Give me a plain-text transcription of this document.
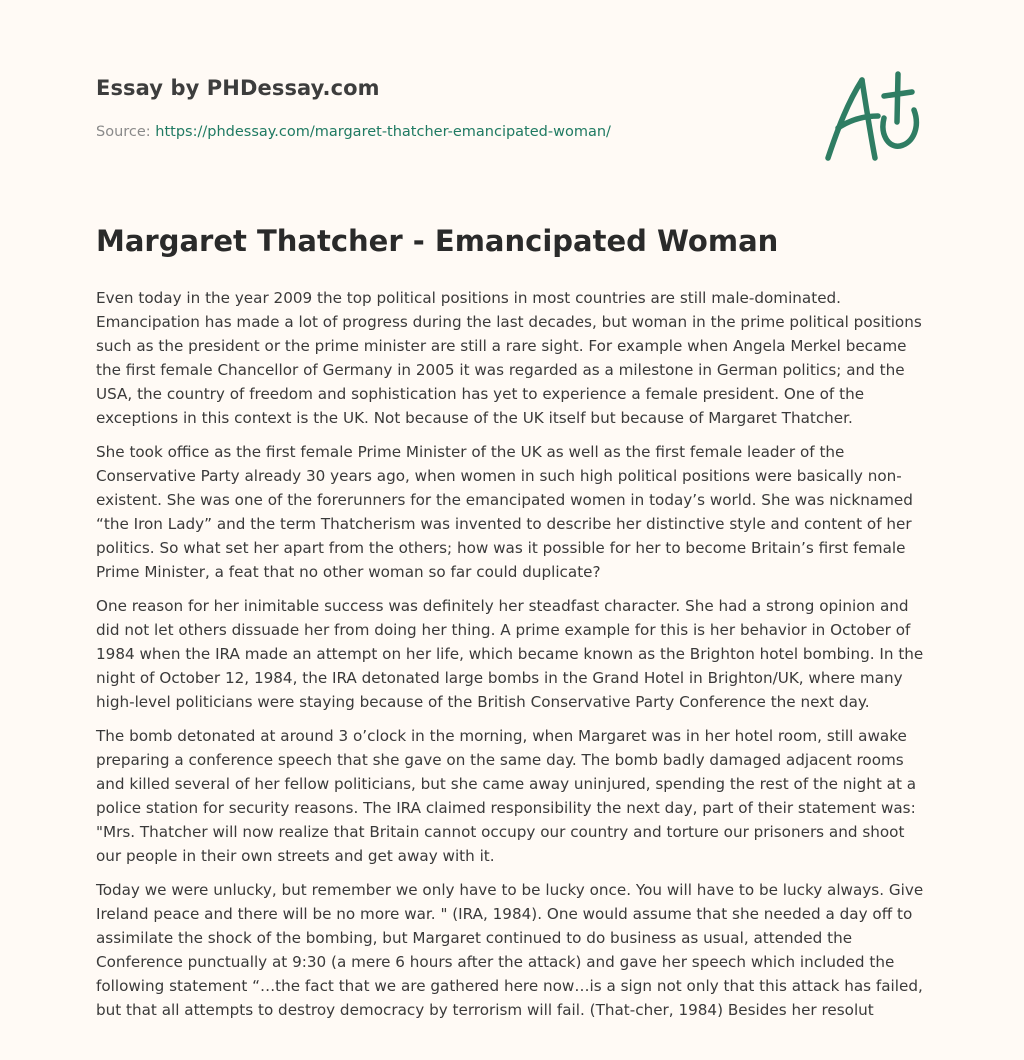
Essay by PHDessay.com
Source: https://phdessay.com/margaret-thatcher-emancipated-woman/
Margaret Thatcher - Emancipated Woman

Even today in the year 2009 the top political positions in most countries are still male-dominated. Emancipation has made a lot of progress during the last decades, but woman in the prime political positions such as the president or the prime minister are still a rare sight. For example when Angela Merkel became the first female Chancellor of Germany in 2005 it was regarded as a milestone in German politics; and the USA, the country of freedom and sophistication has yet to experience a female president. One of the exceptions in this context is the UK. Not because of the UK itself but because of Margaret Thatcher.

She took office as the first female Prime Minister of the UK as well as the first female leader of the Conservative Party already 30 years ago, when women in such high political positions were basically non-existent. She was one of the forerunners for the emancipated women in today’s world. She was nicknamed “the Iron Lady” and the term Thatcherism was invented to describe her distinctive style and content of her politics. So what set her apart from the others; how was it possible for her to become Britain’s first female Prime Minister, a feat that no other woman so far could duplicate?

One reason for her inimitable success was definitely her steadfast character. She had a strong opinion and did not let others dissuade her from doing her thing. A prime example for this is her behavior in October of 1984 when the IRA made an attempt on her life, which became known as the Brighton hotel bombing. In the night of October 12, 1984, the IRA detonated large bombs in the Grand Hotel in Brighton/UK, where many high-level politicians were staying because of the British Conservative Party Conference the next day.

The bomb detonated at around 3 o’clock in the morning, when Margaret was in her hotel room, still awake preparing a conference speech that she gave on the same day. The bomb badly damaged adjacent rooms and killed several of her fellow politicians, but she came away uninjured, spending the rest of the night at a police station for security reasons. The IRA claimed responsibility the next day, part of their statement was: "Mrs. Thatcher will now realize that Britain cannot occupy our country and torture our prisoners and shoot our people in their own streets and get away with it.

Today we were unlucky, but remember we only have to be lucky once. You will have to be lucky always. Give Ireland peace and there will be no more war. " (IRA, 1984). One would assume that she needed a day off to assimilate the shock of the bombing, but Margaret continued to do business as usual, attended the Conference punctually at 9:30 (a mere 6 hours after the attack) and gave her speech which included the following statement “…the fact that we are gathered here now…is a sign not only that this attack has failed, but that all attempts to destroy democracy by terrorism will fail. (That-cher, 1984) Besides her resolut
